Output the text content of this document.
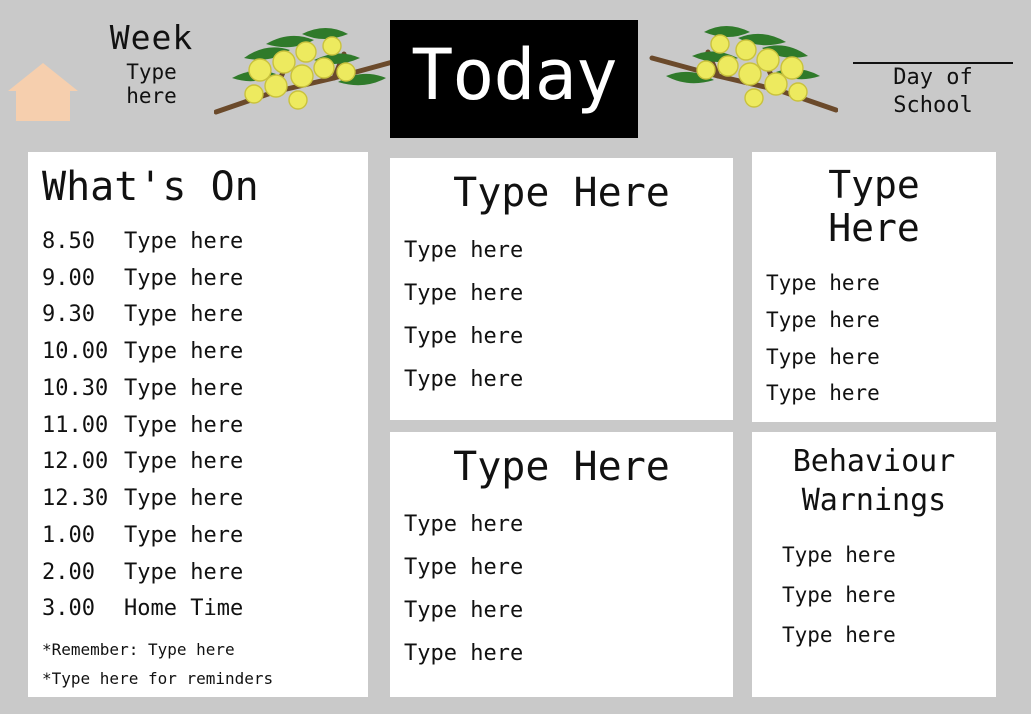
Week
Type
here	Today	Day of
School
What's On
8.50	Type here
9.00	Type here
9.30	Type here
10.00 Type here
10.30 Type here
11.00 Type here
12.00 Type here
12.30 Type here
1.00	Type here
2.00	Type here
3.00	Home Time
*Remember: Type here
*Type here for reminders
Type Here
Type here
Type here
Type here
Type here
Type
Here
Type here
Type here
Type here
Type here
Type Here
Type here
Type here
Type here
Type here
Behaviour
Warnings
Type here
Type here
Type here
